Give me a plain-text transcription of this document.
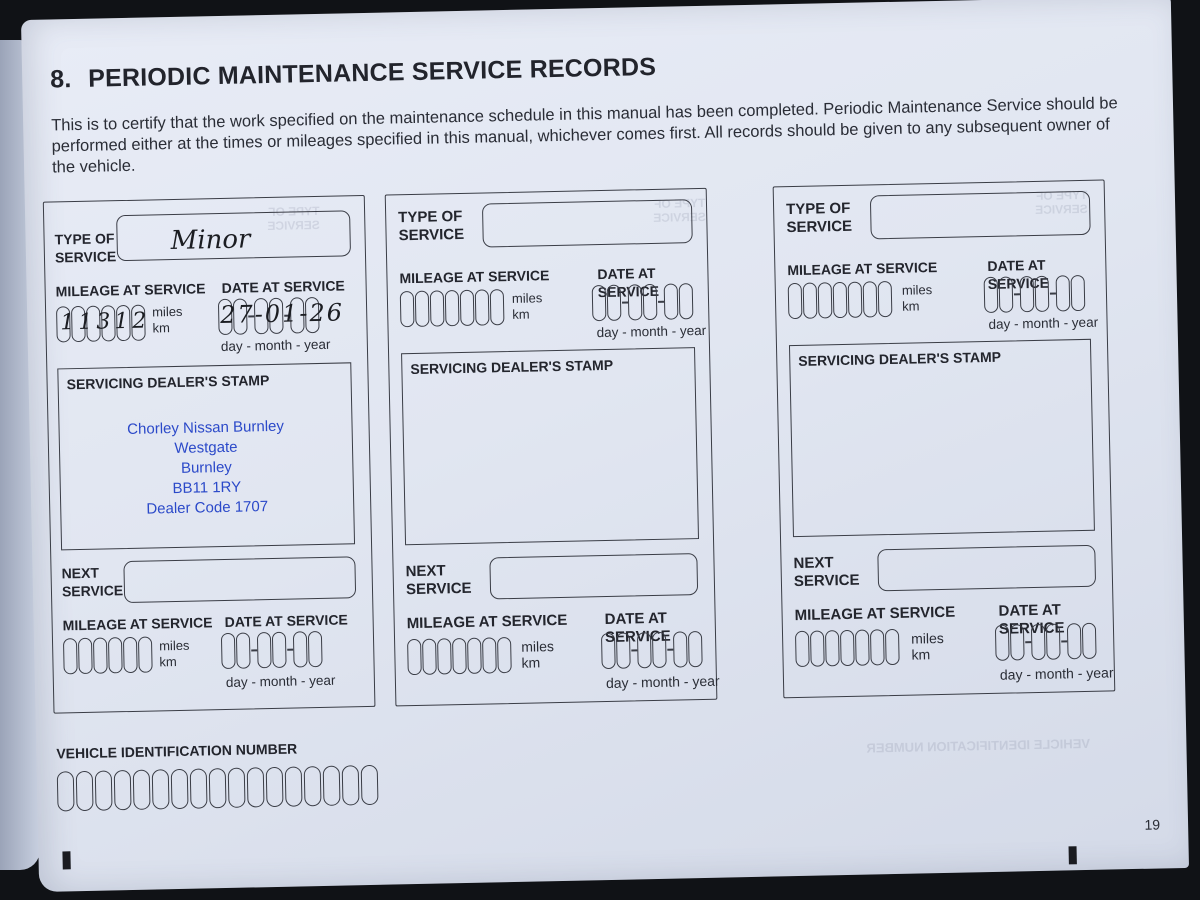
8. PERIODIC MAINTENANCE SERVICE RECORDS
This is to certify that the work specified on the maintenance schedule in this manual has been completed. Periodic Maintenance Service should be performed either at the times or mileages specified in this manual, whichever comes first. All records should be given to any subsequent owner of the vehicle.
TYPE OF
SERVICE
TYPE OF
SERVICE
TYPE OF
SERVICE
VEHICLE IDENTIFICATION NUMBER
TYPE OF
SERVICE
Minor
MILEAGE AT SERVICE DATE AT SERVICE
11312 miles
km	27-01-26
day - month - year
SERVICING DEALER'S STAMP
Chorley Nissan Burnley
Westgate
Burnley
BB11 1RY
Dealer Code 1707
NEXT
SERVICE
MILEAGE AT SERVICE DATE AT SERVICE
miles
km
day - month - year
TYPE OF
SERVICE
MILEAGE AT SERVICE	DATE AT SERVICE
miles
km
day - month - year
SERVICING DEALER'S STAMP
NEXT
SERVICE
MILEAGE AT SERVICE DATE AT SERVICE
miles
km
day - month - year
TYPE OF
SERVICE
MILEAGE AT SERVICE	DATE AT SERVICE
miles
km
day - month - year
SERVICING DEALER'S STAMP
NEXT
SERVICE
MILEAGE AT SERVICE	DATE AT SERVICE
miles
km
day - month - year
VEHICLE IDENTIFICATION NUMBER
19
